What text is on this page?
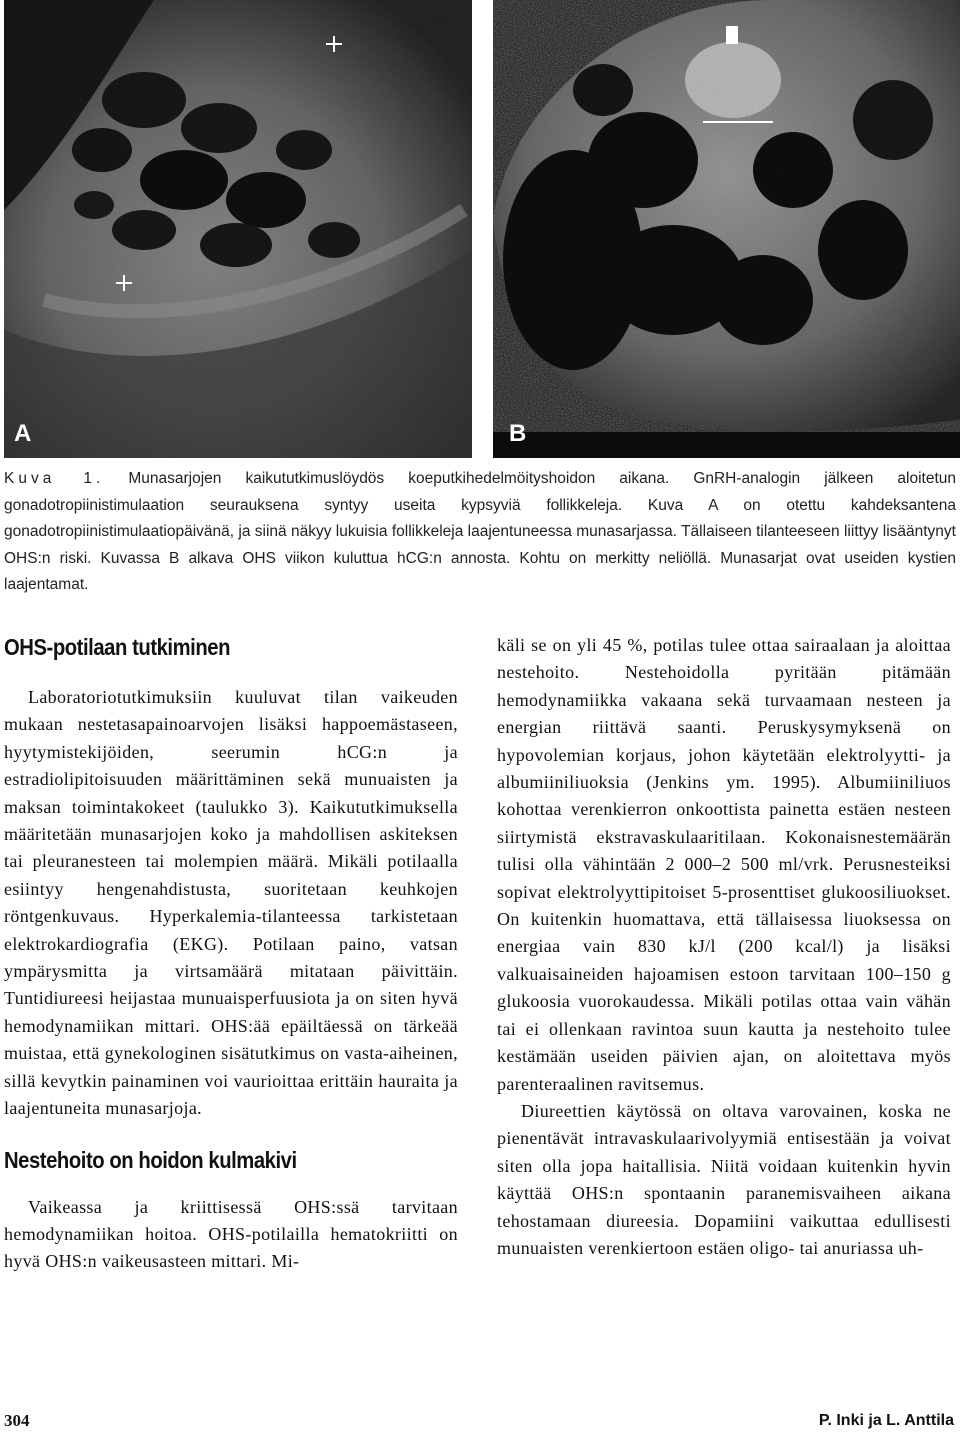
A	B
Kuva 1. Munasarjojen kaikututkimuslöydös koeputkihedelmöityshoidon aikana. GnRH-analogin jälkeen aloitetun gonadotropiinistimulaation seurauksena syntyy useita kypsyviä follikkeleja. Kuva A on otettu kahdeksantena gonadotropiinistimulaatiopäivänä, ja siinä näkyy lukuisia follikkeleja laajentuneessa munasarjassa. Tällaiseen tilanteeseen liittyy lisääntynyt OHS:n riski. Kuvassa B alkava OHS viikon kuluttua hCG:n annosta. Kohtu on merkitty neliöllä. Munasarjat ovat useiden kystien laajentamat.
OHS-potilaan tutkiminen

Laboratoriotutkimuksiin kuuluvat tilan vaikeuden mukaan nestetasapainoarvojen lisäksi happoemästaseen, hyytymistekijöiden, seerumin hCG:n ja estradiolipitoisuuden määrittäminen sekä munuaisten ja maksan toimintakokeet (taulukko 3). Kaikututkimuksella määritetään munasarjojen koko ja mahdollisen askiteksen tai pleuranesteen tai molempien määrä. Mikäli potilaalla esiintyy hengenahdistusta, suoritetaan keuhkojen röntgenkuvaus. Hyperkalemia-tilanteessa tarkistetaan elektrokardiografia (EKG). Potilaan paino, vatsan ympärysmitta ja virtsamäärä mitataan päivittäin. Tuntidiureesi heijastaa munuaisperfuusiota ja on siten hyvä hemodynamiikan mittari. OHS:ää epäiltäessä on tärkeää muistaa, että gynekologinen sisätutkimus on vasta-aiheinen, sillä kevytkin painaminen voi vaurioittaa erittäin hauraita ja laajentuneita munasarjoja.

Nestehoito on hoidon kulmakivi

Vaikeassa ja kriittisessä OHS:ssä tarvitaan hemodynamiikan hoitoa. OHS-potilailla hematokriitti on hyvä OHS:n vaikeusasteen mittari. Mi-

käli se on yli 45 %, potilas tulee ottaa sairaalaan ja aloittaa nestehoito. Nestehoidolla pyritään pitämään hemodynamiikka vakaana sekä turvaamaan nesteen ja energian riittävä saanti. Peruskysymyksenä on hypovolemian korjaus, johon käytetään elektrolyytti- ja albumiiniliuoksia (Jenkins ym. 1995). Albumiiniliuos kohottaa verenkierron onkoottista painetta estäen nesteen siirtymistä ekstravaskulaaritilaan. Kokonaisnestemäärän tulisi olla vähintään 2 000–2 500 ml/vrk. Perusnesteiksi sopivat elektrolyyttipitoiset 5-prosenttiset glukoosiliuokset. On kuitenkin huomattava, että tällaisessa liuoksessa on energiaa vain 830 kJ/l (200 kcal/l) ja lisäksi valkuaisaineiden hajoamisen estoon tarvitaan 100–150 g glukoosia vuorokaudessa. Mikäli potilas ottaa vain vähän tai ei ollenkaan ravintoa suun kautta ja nestehoito tulee kestämään useiden päivien ajan, on aloitettava myös parenteraalinen ravitsemus.

Diureettien käytössä on oltava varovainen, koska ne pienentävät intravaskulaarivolyymiä entisestään ja voivat siten olla jopa haitallisia. Niitä voidaan kuitenkin hyvin käyttää OHS:n spontaanin paranemisvaiheen aikana tehostamaan diureesia. Dopamiini vaikuttaa edullisesti munuaisten verenkiertoon estäen oligo- tai anuriassa uh-

304	P. Inki ja L. Anttila
